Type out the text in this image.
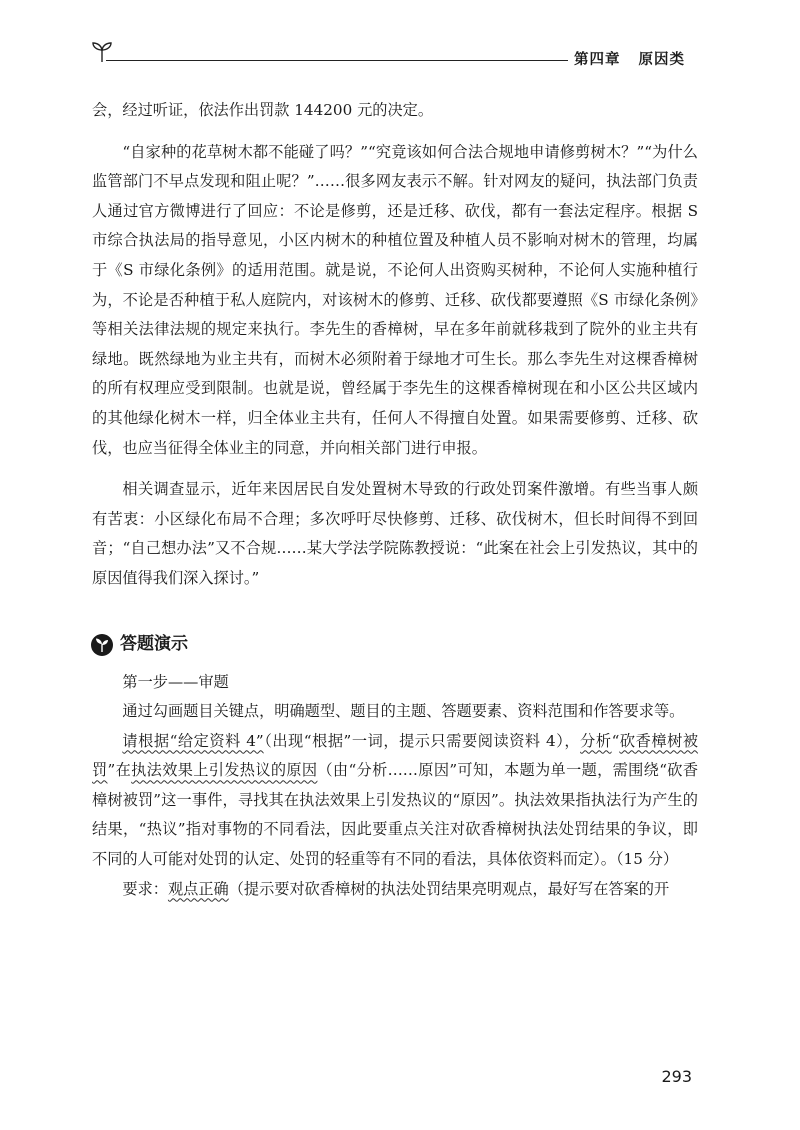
第四章 原因类

会，经过听证，依法作出罚款 144200 元的决定。

“自家种的花草树木都不能碰了吗？”“究竟该如何合法合规地申请修剪树木？”“为什么监管部门不早点发现和阻止呢？”……很多网友表示不解。针对网友的疑问，执法部门负责人通过官方微博进行了回应：不论是修剪，还是迁移、砍伐，都有一套法定程序。根据 S 市综合执法局的指导意见，小区内树木的种植位置及种植人员不影响对树木的管理，均属于《S 市绿化条例》的适用范围。就是说，不论何人出资购买树种，不论何人实施种植行为，不论是否种植于私人庭院内，对该树木的修剪、迁移、砍伐都要遵照《S 市绿化条例》等相关法律法规的规定来执行。李先生的香樟树，早在多年前就移栽到了院外的业主共有绿地。既然绿地为业主共有，而树木必须附着于绿地才可生长。那么李先生对这棵香樟树的所有权理应受到限制。也就是说，曾经属于李先生的这棵香樟树现在和小区公共区域内的其他绿化树木一样，归全体业主共有，任何人不得擅自处置。如果需要修剪、迁移、砍伐，也应当征得全体业主的同意，并向相关部门进行申报。

相关调查显示，近年来因居民自发处置树木导致的行政处罚案件激增。有些当事人颇有苦衷：小区绿化布局不合理；多次呼吁尽快修剪、迁移、砍伐树木，但长时间得不到回音；“自己想办法”又不合规……某大学法学院陈教授说：“此案在社会上引发热议，其中的原因值得我们深入探讨。”

答题演示

第一步——审题

通过勾画题目关键点，明确题型、题目的主题、答题要素、资料范围和作答要求等。

请根据“给定资料 4”（出现“根据”一词，提示只需要阅读资料 4），分析“砍香樟树被罚”在执法效果上引发热议的原因（由“分析……原因”可知，本题为单一题，需围绕“砍香樟树被罚”这一事件，寻找其在执法效果上引发热议的“原因”。执法效果指执法行为产生的结果，“热议”指对事物的不同看法，因此要重点关注对砍香樟树执法处罚结果的争议，即不同的人可能对处罚的认定、处罚的轻重等有不同的看法，具体依资料而定）。（15 分）

要求：观点正确（提示要对砍香樟树的执法处罚结果亮明观点，最好写在答案的开

293
